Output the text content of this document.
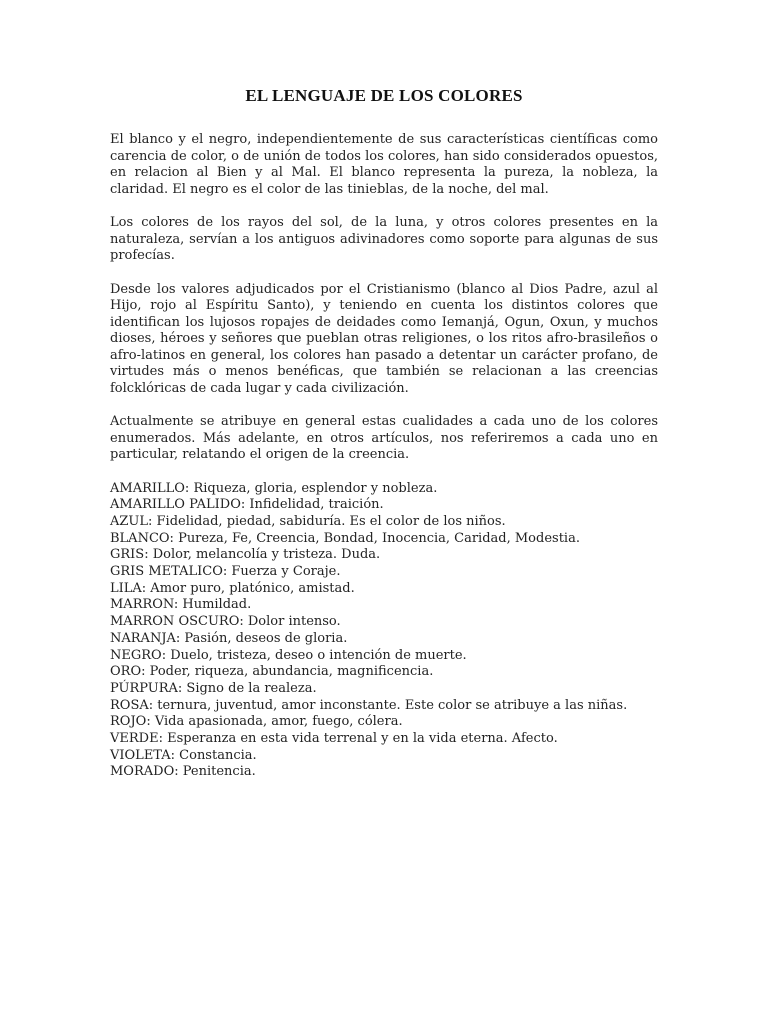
EL LENGUAJE DE LOS COLORES

El blanco y el negro, independientemente de sus características científicas como carencia de color, o de unión de todos los colores, han sido considerados opuestos, en relacion al Bien y al Mal. El blanco representa la pureza, la nobleza, la claridad. El negro es el color de las tinieblas, de la noche, del mal.

Los colores de los rayos del sol, de la luna, y otros colores presentes en la naturaleza, servían a los antiguos adivinadores como soporte para algunas de sus profecías.

Desde los valores adjudicados por el Cristianismo (blanco al Dios Padre, azul al Hijo, rojo al Espíritu Santo), y teniendo en cuenta los distintos colores que identifican los lujosos ropajes de deidades como Iemanjá, Ogun, Oxun, y muchos dioses, héroes y señores que pueblan otras religiones, o los ritos afro-brasileños o afro-latinos en general, los colores han pasado a detentar un carácter profano, de virtudes más o menos benéficas, que también se relacionan a las creencias folcklóricas de cada lugar y cada civilización.

Actualmente se atribuye en general estas cualidades a cada uno de los colores enumerados. Más adelante, en otros artículos, nos referiremos a cada uno en particular, relatando el origen de la creencia.

AMARILLO: Riqueza, gloria, esplendor y nobleza.
AMARILLO PALIDO: Infidelidad, traición.
AZUL: Fidelidad, piedad, sabiduría. Es el color de los niños.
BLANCO: Pureza, Fe, Creencia, Bondad, Inocencia, Caridad, Modestia.
GRIS: Dolor, melancolía y tristeza. Duda.
GRIS METALICO: Fuerza y Coraje.
LILA: Amor puro, platónico, amistad.
MARRON: Humildad.
MARRON OSCURO: Dolor intenso.
NARANJA: Pasión, deseos de gloria.
NEGRO: Duelo, tristeza, deseo o intención de muerte.
ORO: Poder, riqueza, abundancia, magnificencia.
PÚRPURA: Signo de la realeza.
ROSA: ternura, juventud, amor inconstante. Este color se atribuye a las niñas.
ROJO: Vida apasionada, amor, fuego, cólera.
VERDE: Esperanza en esta vida terrenal y en la vida eterna. Afecto.
VIOLETA: Constancia.
MORADO: Penitencia.
